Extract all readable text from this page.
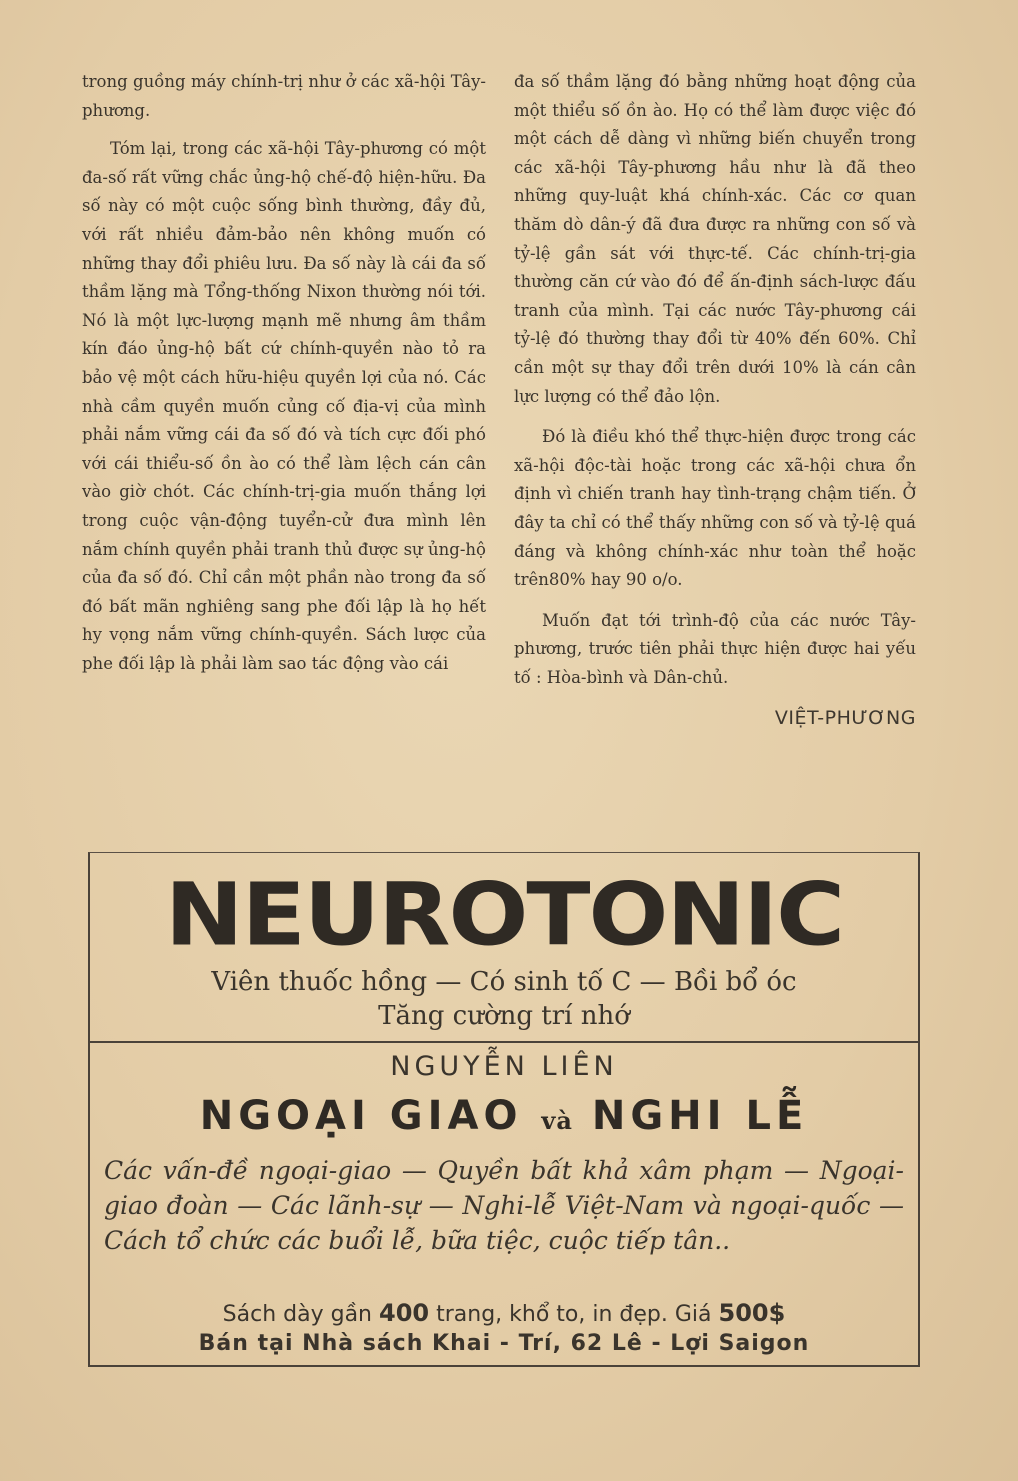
trong guồng máy chính-trị như ở các xã-hội Tây-phương.

Tóm lại, trong các xã-hội Tây-phương có một đa-số rất vững chắc ủng-hộ chế-độ hiện-hữu. Đa số này có một cuộc sống bình thường, đầy đủ, với rất nhiều đảm-bảo nên không muốn có những thay đổi phiêu lưu. Đa số này là cái đa số thầm lặng mà Tổng-thống Nixon thường nói tới. Nó là một lực-lượng mạnh mẽ nhưng âm thầm kín đáo ủng-hộ bất cứ chính-quyền nào tỏ ra bảo vệ một cách hữu-hiệu quyền lợi của nó. Các nhà cầm quyền muốn củng cố địa-vị của mình phải nắm vững cái đa số đó và tích cực đối phó với cái thiểu-số ồn ào có thể làm lệch cán cân vào giờ chót. Các chính-trị-gia muốn thắng lợi trong cuộc vận-động tuyển-cử đưa mình lên nắm chính quyền phải tranh thủ được sự ủng-hộ của đa số đó. Chỉ cần một phần nào trong đa số đó bất mãn nghiêng sang phe đối lập là họ hết hy vọng nắm vững chính-quyền. Sách lược của phe đối lập là phải làm sao tác động vào cái

đa số thầm lặng đó bằng những hoạt động của một thiểu số ồn ào. Họ có thể làm được việc đó một cách dễ dàng vì những biến chuyển trong các xã-hội Tây-phương hầu như là đã theo những quy-luật khá chính-xác. Các cơ quan thăm dò dân-ý đã đưa được ra những con số và tỷ-lệ gần sát với thực-tế. Các chính-trị-gia thường căn cứ vào đó để ấn-định sách-lược đấu tranh của mình. Tại các nước Tây-phương cái tỷ-lệ đó thường thay đổi từ 40% đến 60%. Chỉ cần một sự thay đổi trên dưới 10% là cán cân lực lượng có thể đảo lộn.

Đó là điều khó thể thực-hiện được trong các xã-hội độc-tài hoặc trong các xã-hội chưa ổn định vì chiến tranh hay tình-trạng chậm tiến. Ở đây ta chỉ có thể thấy những con số và tỷ-lệ quá đáng và không chính-xác như toàn thể hoặc trên80% hay 90 o/o.

Muốn đạt tới trình-độ của các nước Tây-phương, trước tiên phải thực hiện được hai yếu tố : Hòa-bình và Dân-chủ.

VIỆT-PHƯƠNG
NEUROTONIC
Viên thuốc hồng — Có sinh tố C — Bồi bổ óc
Tăng cường trí nhớ
NGUYỄN LIÊN
NGOẠI GIAO và NGHI LỄ
Các vấn-đề ngoại-giao — Quyền bất khả xâm phạm — Ngoại-giao đoàn — Các lãnh-sự — Nghi-lễ Việt-Nam và ngoại-quốc — Cách tổ chức các buổi lễ, bữa tiệc, cuộc tiếp tân..
Sách dày gần 400 trang, khổ to, in đẹp. Giá 500$
Bán tại Nhà sách Khai - Trí, 62 Lê - Lợi Saigon
